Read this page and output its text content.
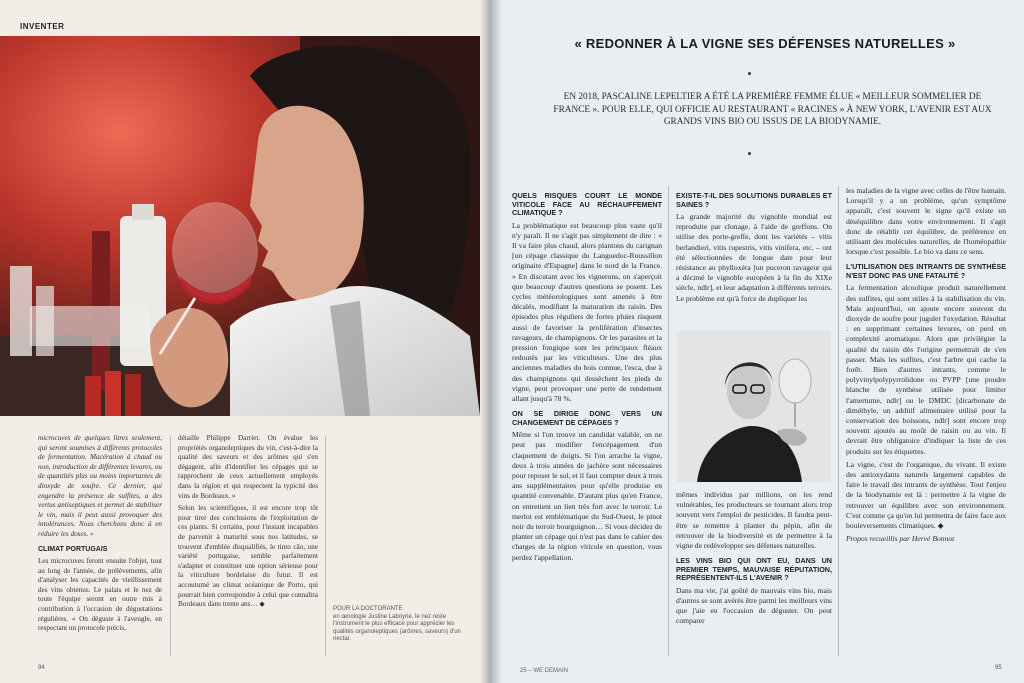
INVENTER

microcuves de quelques litres seulement, qui seront soumises à différents protocoles de fermentation. Macération à chaud ou non, introduction de différentes levures, ou de quantités plus ou moins importantes de dioxyde de soufre. Ce dernier, qui engendre la présence de sulfites, a des vertus antiseptiques et permet de stabiliser le vin, mais il peut aussi provoquer des intolérances. Nous cherchons donc à en réduire les doses. »

CLIMAT PORTUGAIS

Les microcuves feront ensuite l'objet, tout au long de l'année, de prélèvements, afin d'analyser les capacités de vieillissement des vins obtenus. Le palais et le nez de toute l'équipe seront en outre mis à contribution à l'occasion de dégustations régulières. « On déguste à l'aveugle, en respectant un protocole précis,

détaille Philippe Darriet. On évalue les propriétés organoleptiques du vin, c'est-à-dire la qualité des saveurs et des arômes qui s'en dégagent, afin d'identifier les cépages qui se rapprochent de ceux actuellement employés dans la région et qui respectent la typicité des vins de Bordeaux. »

Selon les scientifiques, il est encore trop tôt pour tirer des conclusions de l'exploitation de ces plants. Si certains, pour l'instant incapables de parvenir à maturité sous nos latitudes, se trouvent d'emblée disqualifiés, le tinto cão, une variété portugaise, semble parfaitement s'adapter et constituer une option sérieuse pour la viticulture bordelaise du futur. Il est accoutumé au climat océanique de Porto, qui pourrait bien correspondre à celui que connaîtra Bordeaux dans trente ans… ◆

POUR LA DOCTORANTE
en œnologie Justine Laboyrie, le nez reste l'instrument le plus efficace pour apprécier les qualités organoleptiques (arômes, saveurs) d'un nectar.
94
« REDONNER À LA VIGNE SES DÉFENSES NATURELLES »
EN 2018, PASCALINE LEPELTIER A ÉTÉ LA PREMIÈRE FEMME ÉLUE « MEILLEUR SOMMELIER DE FRANCE ». POUR ELLE, QUI OFFICIE AU RESTAURANT « RACINES » À NEW YORK, L'AVENIR EST AUX GRANDS VINS BIO OU ISSUS DE LA BIODYNAMIE.
QUELS RISQUES COURT LE MONDE VITICOLE FACE AU RÉCHAUFFEMENT CLIMATIQUE ?

La problématique est beaucoup plus vaste qu'il n'y paraît. Il ne s'agit pas simplement de dire : « Il va faire plus chaud, alors plantons du carignan [un cépage classique du Languedoc-Roussillon originaire d'Espagne] dans le nord de la France. » En discutant avec les vignerons, on s'aperçoit que beaucoup d'autres questions se posent. Les cycles météorologiques sont amenés à être décalés, modifiant la maturation du raisin. Des épisodes plus réguliers de fortes pluies risquent aussi de favoriser la prolifération d'insectes ravageurs, de champignons. Or les parasites et la pression fongique sont les principaux fléaux redoutés par les viticulteurs. Une des plus anciennes maladies du bois connue, l'esca, due à des champignons qui dessèchent les pieds de vigne, peut provoquer une perte de rendement allant jusqu'à 78 %.

ON SE DIRIGE DONC VERS UN CHANGEMENT DE CÉPAGES ?

Même si l'on trouve un candidat valable, on ne peut pas modifier l'encépagement d'un claquement de doigts. Si l'on arrache la vigne, deux à trois années de jachère sont nécessaires pour reposer le sol, et il faut compter deux à trois ans supplémentaires pour qu'elle produise en quantité convenable. D'autant plus qu'en France, on entretient un lien très fort avec le terroir. Le merlot est emblématique du Sud-Ouest, le pinot noir du terroir bourguignon… Si vous décidez de planter un cépage qui n'est pas dans le cahier des charges de la région viticole en question, vous perdez l'appellation.

EXISTE-T-IL DES SOLUTIONS DURABLES ET SAINES ?

La grande majorité du vignoble mondial est reproduite par clonage, à l'aide de greffons. On utilise des porte-greffe, dont les variétés – vitis berlandieri, vitis rupestris, vitis vinifera, etc. – ont été sélectionnées de longue date pour leur résistance au phylloxéra [un puceron ravageur qui a décimé le vignoble européen à la fin du XIXe siècle, ndlr], et leur adaptation à différents terroirs. Le problème est qu'à force de dupliquer les

mêmes individus par millions, on les rend vulnérables, les producteurs se tournant alors trop souvent vers l'emploi de pesticides. Il faudra peut-être se remettre à planter du pépin, afin de retrouver de la biodiversité et de permettre à la vigne de redévelopper ses défenses naturelles.

LES VINS BIO QUI ONT EU, DANS UN PREMIER TEMPS, MAUVAISE RÉPUTATION, REPRÉSENTENT-ILS L'AVENIR ?

Dans ma vie, j'ai goûté de mauvais vins bio, mais d'autres se sont avérés être parmi les meilleurs vins que j'aie eu l'occasion de déguster. On peut comparer

les maladies de la vigne avec celles de l'être humain. Lorsqu'il y a un problème, qu'un symptôme apparaît, c'est souvent le signe qu'il existe un déséquilibre dans votre environnement. Il s'agit donc de rétablir cet équilibre, de préférence en utilisant des molécules naturelles, de l'homéopathie lorsque c'est possible. Le bio va dans ce sens.

L'UTILISATION DES INTRANTS DE SYNTHÈSE N'EST DONC PAS UNE FATALITÉ ?

La fermentation alcoolique produit naturellement des sulfites, qui sont utiles à la stabilisation du vin. Mais aujourd'hui, on ajoute encore souvent du dioxyde de soufre pour juguler l'oxydation. Résultat : en supprimant certaines levures, on perd en complexité aromatique. Alors que privilégier la qualité du raisin dès l'origine permettrait de s'en passer. Mais les sulfites, c'est l'arbre qui cache la forêt. Bien d'autres intrants, comme le polyvinylpolypyrrolidone ou PVPP [une poudre blanche de synthèse utilisée pour limiter l'amertume, ndlr] ou le DMDC [dicarbonate de diméthyle, un additif alimentaire utilisé pour la conservation des boissons, ndlr] sont encore trop souvent ajoutés au moût de raisin ou au vin. Il devrait être obligatoire d'indiquer la liste de ces produits sur les étiquettes.

La vigne, c'est de l'organique, du vivant. Il existe des antioxydants naturels largement capables de faire le travail des intrants de synthèse. Tout l'enjeu de la biodynamie est là : permettre à la vigne de retrouver un équilibre avec son environnement. C'est comme ça qu'on lui permettra de faire face aux bouleversements climatiques. ◆

Propos recueillis par Hervé Bonnot

25 – WE DEMAIN	95
